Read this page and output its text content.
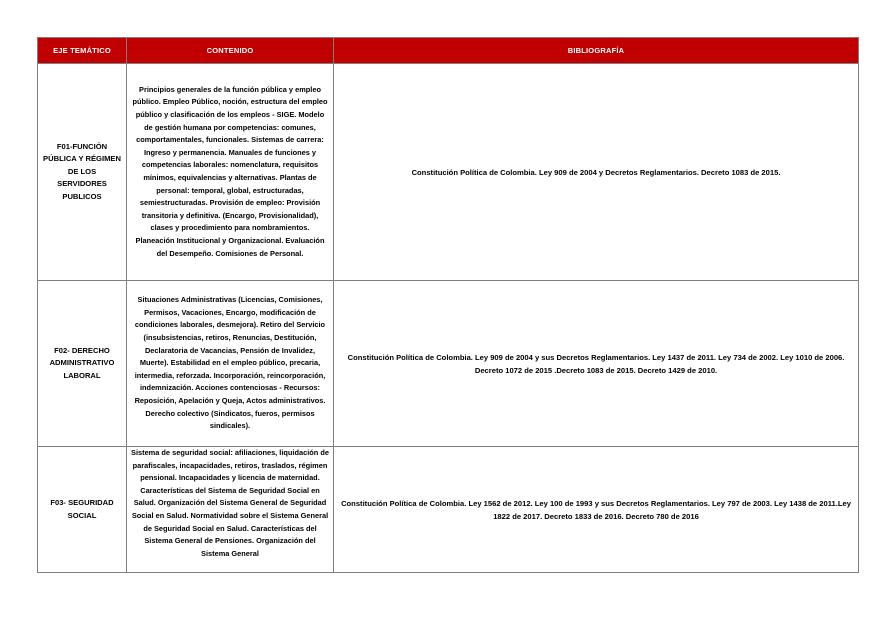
EJE TEMÁTICO	CONTENIDO	BIBLIOGRAFÍA
F01-FUNCIÓN PÚBLICA Y RÉGIMEN DE LOS SERVIDORES PUBLICOS	Principios generales de la función pública y empleo público. Empleo Público, noción, estructura del empleo público y clasificación de los empleos - SIGE. Modelo de gestión humana por competencias: comunes, comportamentales, funcionales. Sistemas de carrera: Ingreso y permanencia. Manuales de funciones y competencias laborales: nomenclatura, requisitos mínimos, equivalencias y alternativas. Plantas de personal: temporal, global, estructuradas, semiestructuradas. Provisión de empleo: Provisión transitoria y definitiva. (Encargo, Provisionalidad), clases y procedimiento para nombramientos. Planeación Institucional y Organizacional. Evaluación del Desempeño. Comisiones de Personal.	Constitución Política de Colombia. Ley 909 de 2004 y Decretos Reglamentarios. Decreto 1083 de 2015.
F02- DERECHO ADMINISTRATIVO LABORAL	Situaciones Administrativas (Licencias, Comisiones, Permisos, Vacaciones, Encargo, modificación de condiciones laborales, desmejora). Retiro del Servicio (insubsistencias, retiros, Renuncias, Destitución, Declaratoria de Vacancias, Pensión de Invalidez, Muerte). Estabilidad en el empleo público, precaria, intermedia, reforzada. Incorporación, reincorporación, indemnización. Acciones contenciosas - Recursos: Reposición, Apelación y Queja, Actos administrativos. Derecho colectivo (Sindicatos, fueros, permisos sindicales).	Constitución Política de Colombia. Ley 909 de 2004 y sus Decretos Reglamentarios. Ley 1437 de 2011. Ley 734 de 2002. Ley 1010 de 2006. Decreto 1072 de 2015 .Decreto 1083 de 2015. Decreto 1429 de 2010.
F03- SEGURIDAD SOCIAL	Sistema de seguridad social: afiliaciones, liquidación de parafiscales, incapacidades, retiros, traslados, régimen pensional. Incapacidades y licencia de maternidad. Características del Sistema de Seguridad Social en Salud. Organización del Sistema General de Seguridad Social en Salud. Normatividad sobre el Sistema General de Seguridad Social en Salud. Características del Sistema General de Pensiones. Organización del Sistema General	Constitución Política de Colombia. Ley 1562 de 2012. Ley 100 de 1993 y sus Decretos Reglamentarios. Ley 797 de 2003. Ley 1438 de 2011.Ley 1822 de 2017. Decreto 1833 de 2016. Decreto 780 de 2016
